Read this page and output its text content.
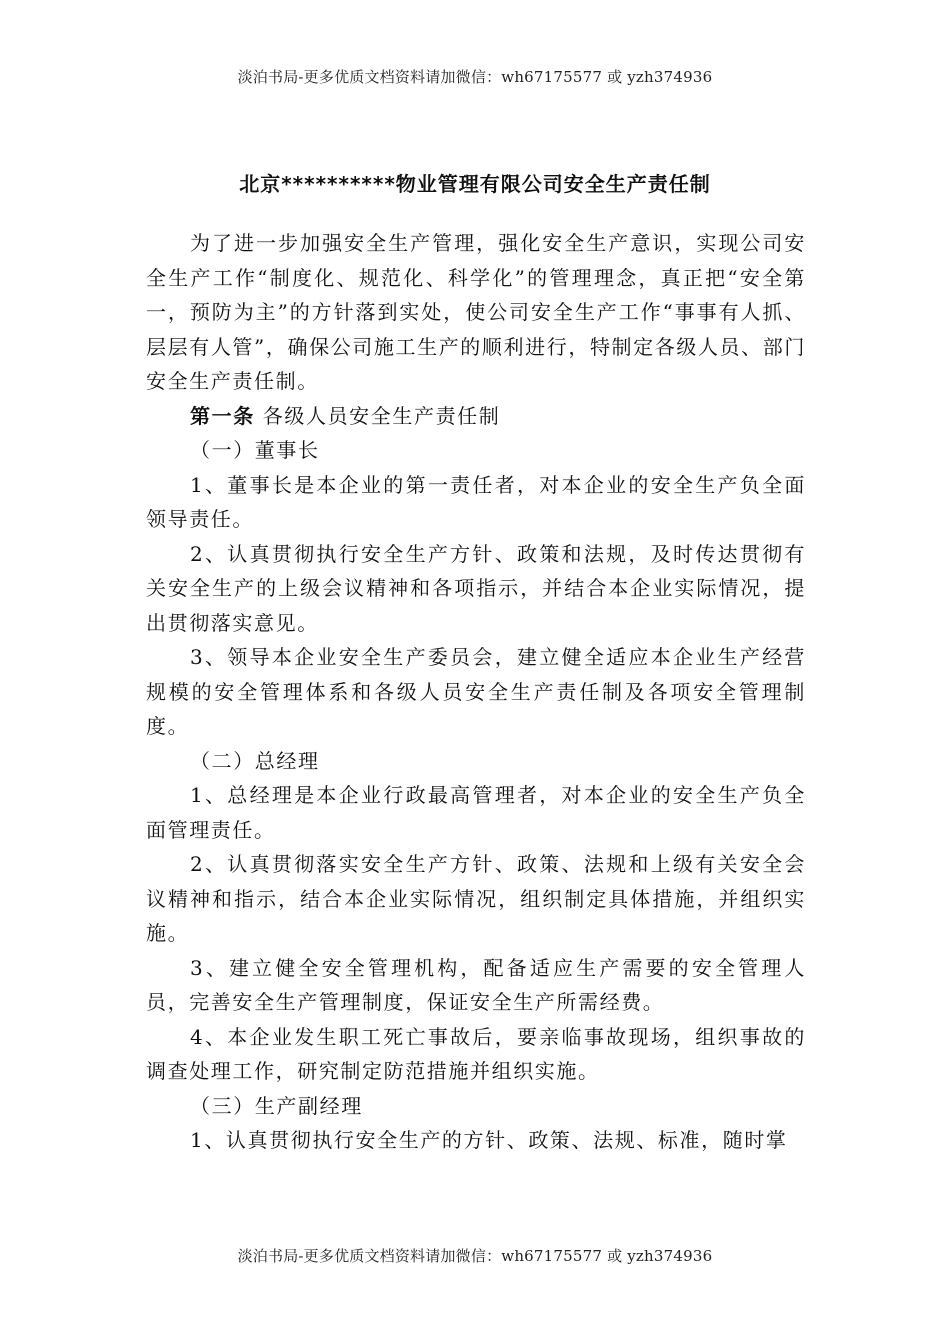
淡泊书局-更多优质文档资料请加微信：wh67175577 或 yzh374936
北京**********物业管理有限公司安全生产责任制

为了进一步加强安全生产管理，强化安全生产意识，实现公司安全生产工作“制度化、规范化、科学化”的管理理念，真正把“安全第一，预防为主”的方针落到实处，使公司安全生产工作“事事有人抓、层层有人管”，确保公司施工生产的顺利进行，特制定各级人员、部门安全生产责任制。

第一条 各级人员安全生产责任制

（一）董事长

1、董事长是本企业的第一责任者，对本企业的安全生产负全面领导责任。

2、认真贯彻执行安全生产方针、政策和法规，及时传达贯彻有关安全生产的上级会议精神和各项指示，并结合本企业实际情况，提出贯彻落实意见。

3、领导本企业安全生产委员会，建立健全适应本企业生产经营规模的安全管理体系和各级人员安全生产责任制及各项安全管理制度。

（二）总经理

1、总经理是本企业行政最高管理者，对本企业的安全生产负全面管理责任。

2、认真贯彻落实安全生产方针、政策、法规和上级有关安全会议精神和指示，结合本企业实际情况，组织制定具体措施，并组织实施。

3、建立健全安全管理机构，配备适应生产需要的安全管理人员，完善安全生产管理制度，保证安全生产所需经费。

4、本企业发生职工死亡事故后，要亲临事故现场，组织事故的调查处理工作，研究制定防范措施并组织实施。

（三）生产副经理

1、认真贯彻执行安全生产的方针、政策、法规、标准，随时掌

淡泊书局-更多优质文档资料请加微信：wh67175577 或 yzh374936
